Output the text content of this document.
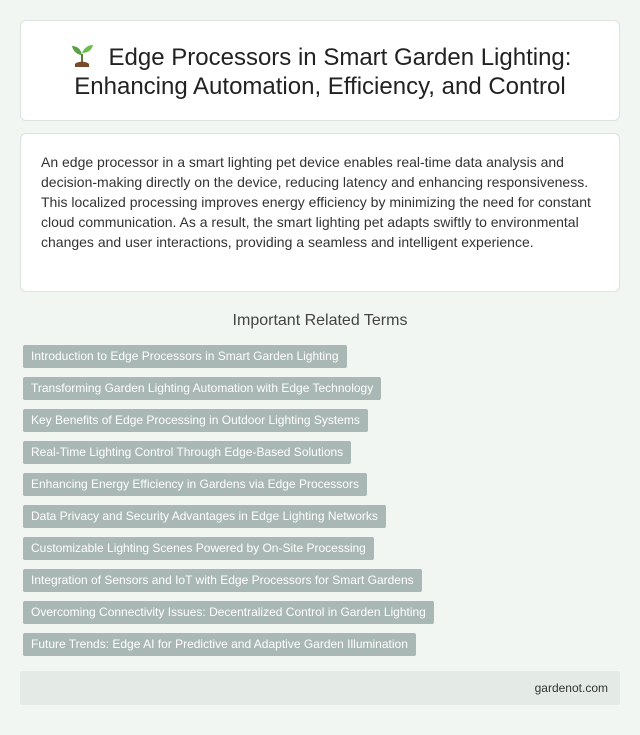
Edge Processors in Smart Garden Lighting: Enhancing Automation, Efficiency, and Control

An edge processor in a smart lighting pet device enables real-time data analysis and decision-making directly on the device, reducing latency and enhancing responsiveness. This localized processing improves energy efficiency by minimizing the need for constant cloud communication. As a result, the smart lighting pet adapts swiftly to environmental changes and user interactions, providing a seamless and intelligent experience.

Important Related Terms
Introduction to Edge Processors in Smart Garden Lighting
Transforming Garden Lighting Automation with Edge Technology
Key Benefits of Edge Processing in Outdoor Lighting Systems
Real-Time Lighting Control Through Edge-Based Solutions
Enhancing Energy Efficiency in Gardens via Edge Processors
Data Privacy and Security Advantages in Edge Lighting Networks
Customizable Lighting Scenes Powered by On-Site Processing
Integration of Sensors and IoT with Edge Processors for Smart Gardens
Overcoming Connectivity Issues: Decentralized Control in Garden Lighting
Future Trends: Edge AI for Predictive and Adaptive Garden Illumination
gardenot.com
